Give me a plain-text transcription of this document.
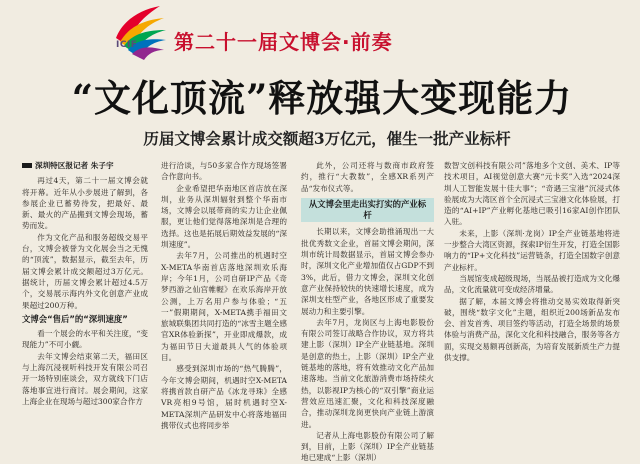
ICIF 第二十一届文博会·前奏
“文化顶流”释放强大变现能力
历届文博会累计成交额超3万亿元，催生一批产业标杆
深圳特区报记者 朱子宇

再过4天，第二十一届文博会就将开幕。近年从小步展进了解到，各参展企业已蓄势待发，把最好、最新、最火的产品搬到文博会现场，蓄势而发。

作为文化产品和服务超级交易平台，文博会被誉为文化展会当之无愧的“顶流”，数据显示，截至去年，历届文博会累计成交额超过3万亿元。据统计，历届文博会累计超过4.5万个，交易展示海内外文化创意产业成果超过200万种。

文博会“售后”的“深圳速度”

看一个展会的水平和关注度，“变现能力”不可小觑。

去年文博会结束第二天，福田区与上海沉浸视听科技开发有限公司召开一场特别座谈会，双方就线下门店落地事宜进行商讨。展会期间，这家上海企业在现场与超过300家合作方

进行洽谈，与50多家合作方现场签署合作意向书。

企业希望把华南地区首店放在深圳，业务从深圳辐射到整个华南市场，文博会以展带商的实力让企业佩服，更让他们觉得落地深圳是合理的选择。这也是拓展后期效益发展的“深圳速度”。

去年7月，公司推出的机遇时空X-META华南首店落地深圳欢乐海岸；今年1月，公司自研IP产品《奇梦西游之仙宫帷幄》在欢乐海岸开放公测，上万名用户参与体验；“五一”假期期间，X-META携手福田文旅城联集团共同打造的“冰雪主题全感官XR体验新探”，开业即成爆款，成为福田节日大道最具人气的体验项目。

感受到深圳市场的“热气腾腾”，今年文博会期间，机遇时空X-META将携首款自研产品《冰龙寻珠》全感VR亮相9号馆，届时机遇时空X-META深圳产品研发中心将落地福田携带仪式也将同步举

此外，公司还将与数商市政府签约，推行“大教数”，全感XR系列产品“发布仪式等。

从文博会里走出实打实的产业标杆

长期以来，文博会助推涌现出一大批优秀数文企业，首届文博会期间，深圳市统计局数据显示，首届文博会参办时，深圳文化产业增加值仅占GDP不到3%，此后，借力文博会，深圳文化创意产业保持较快的快速增长速度，成为深圳支柱型产业，各地区形成了重要发展动力和主要引擎。

去年7月，龙岗区与上海电影股份有限公司签订战略合作协议，双方将共建上影（深圳）IP全产业链基地。深圳是创意的热土，上影（深圳）IP全产业链基地的落地，将有效推动文化产品加速落地。当前文化旅游消费市场持续火热，以影视IP为核心的“双引擎”商业运营效应迅速汇聚，文化和科技深度融合，推动深圳龙岗更快向产业链上游演进。

记者从上海电影股份有限公司了解到，目前，上影（深圳）IP全产业链基地已建成“上影（深圳）

数智文创科技有限公司”落地多个文创、美术、IP等技术项目，AI视觉创意大赛“元卡奖”入选“2024深圳人工智能发展十佳大事”；“奇遇三宝港”沉浸式体验展成为大湾区首个全沉浸式三宝港文化体验展，打造的“AI+IP”产业孵化基地已吸引16家AI创作团队入驻。

未来，上影（深圳·龙岗）IP全产业链基地将进一步整合大湾区资源，探索IP衍生开发，打造全国影响力的“IP+文化科技”运营链条，打造全国数字创意产业标杆。

当展馆变成超级现场，当展品被打造成为文化爆品，文化流量就可变成经济增量。

据了解，本届文博会将推动交易实效取得新突破，围绕“数字文化”主题，组织近200场新品发布会、首发首秀、项目签约等活动，打造全场景的场景体验与消费产品，深化文化和科技融合，服务等各方面，实现交易额再创新高，为培育发展新质生产力提供支撑。
